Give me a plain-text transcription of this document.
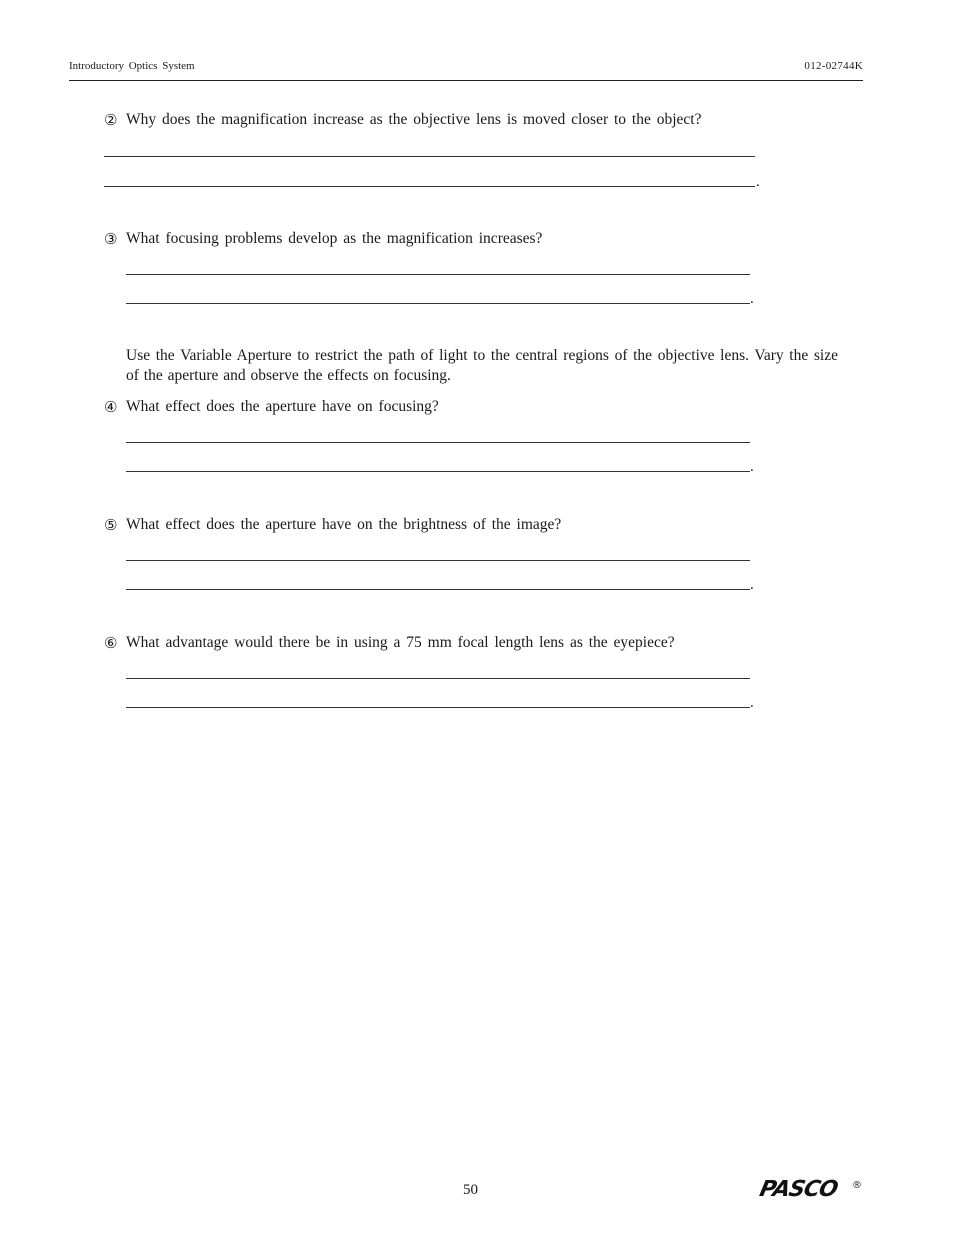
Introductory Optics System	012-02744K
② Why does the magnification increase as the objective lens is moved closer to the object?
.
③ What focusing problems develop as the magnification increases?
.

Use the Variable Aperture to restrict the path of light to the central regions of the objective lens. Vary the size of the aperture and observe the effects on focusing.

④ What effect does the aperture have on focusing?
.
⑤ What effect does the aperture have on the brightness of the image?
.
⑥ What advantage would there be in using a 75 mm focal length lens as the eyepiece?
.
50	PASCO ®
